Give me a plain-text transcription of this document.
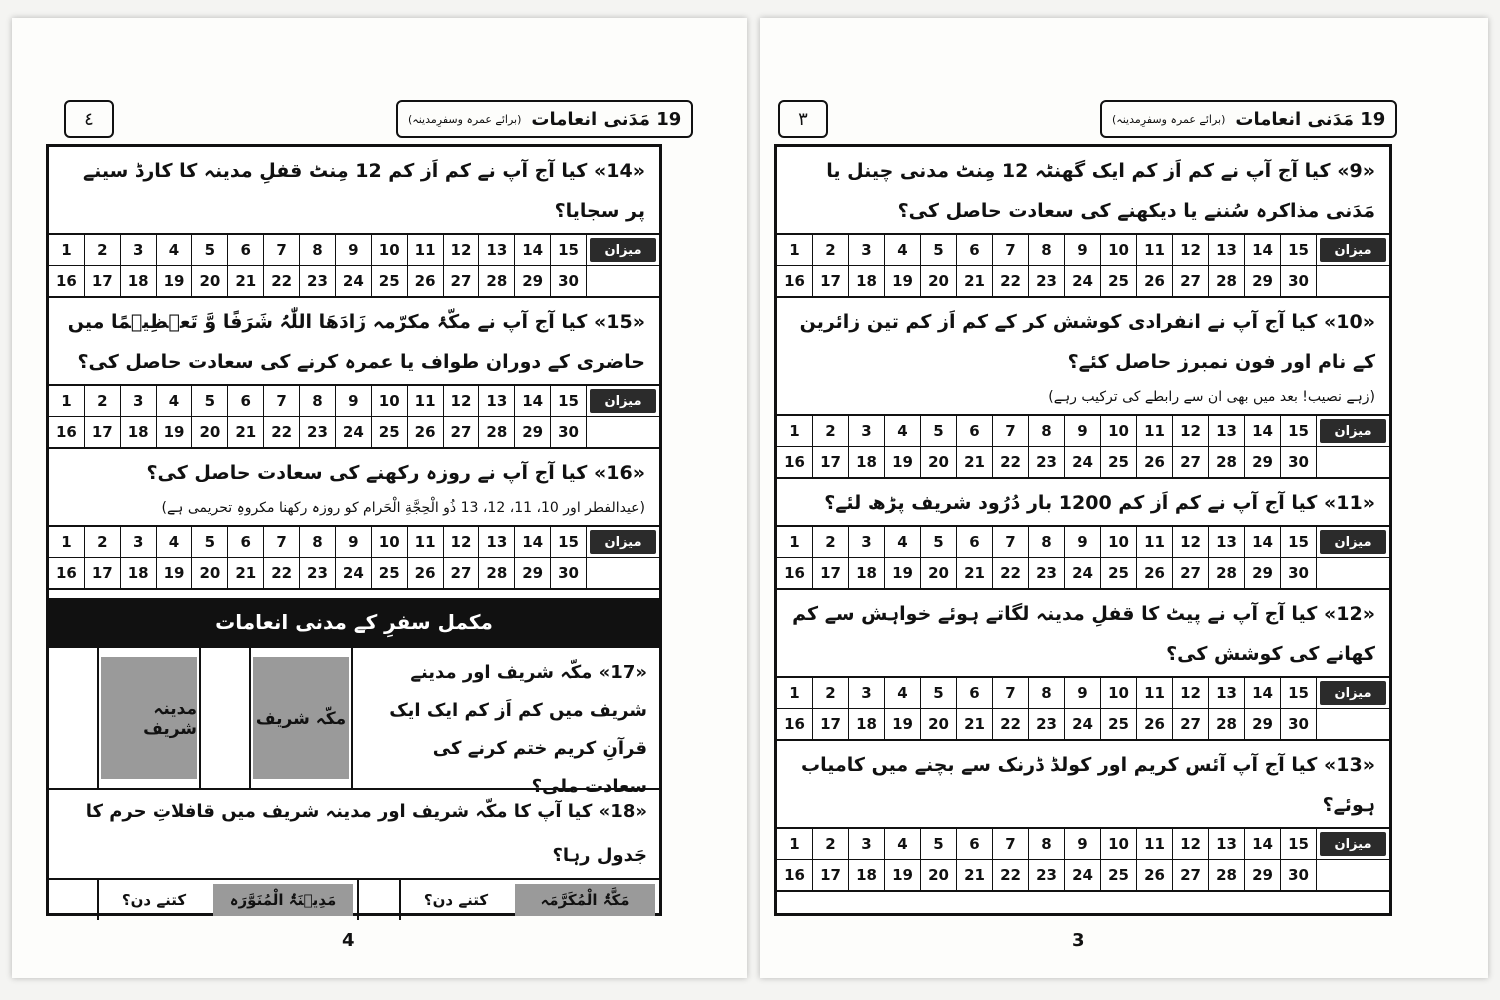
٤	19 مَدَنی انعامات
(برائے عمرہ وسفرِمدینہ)
«14» کیا آج آپ نے کم اَز کم 12 مِنٹ قفلِ مدینہ کا کارڈ سینے پر سجایا؟
1	2	3	4	5	6	7	8	9	10	11 12	13 14 15
16 17	18 19	20 21	22 23	24 25	26 27	28 29 30
میزان
«15» کیا آج آپ نے مکّۂ مکرّمہ زَادَھَا اللّٰہُ شَرَفًا وَّ تَعۡظِیۡمًا میں حاضری کے دوران طواف یا عمرہ کرنے کی سعادت حاصل کی؟
1	2	3	4	5	6	7	8	9	10	11 12	13 14 15
16 17	18 19	20 21	22 23	24 25	26 27	28 29 30
میزان
«16» کیا آج آپ نے روزہ رکھنے کی سعادت حاصل کی؟
(عیدالفطر اور 10، 11، 12، 13 ذُو الْحِجَّةِ الْحَرام کو روزہ رکھنا مکروہِ تحریمی ہے)
1	2	3	4	5	6	7	8	9	10	11 12	13 14 15
16 17	18 19	20 21	22 23	24 25	26 27	28 29 30
میزان
مکمل سفرِ کے مدنی انعامات
«17» مکّہ شریف اور مدینے شریف میں کم اَز کم ایک ایک قرآنِ کریم ختم کرنے کی سعادت ملی؟
مکّہ شریف
مدینہ شریف
«18» کیا آپ کا مکّہ شریف اور مدینہ شریف میں قافلاتِ حرم کا جَدول رہا؟
مَکَّۃُ الْمُکَرَّمَہ
کتنے دن؟
مَدِیۡنَۃُ الْمُنَوَّرَہ
کتنے دن؟
4
٣	19 مَدَنی انعامات
(برائے عمرہ وسفرِمدینہ)
«9» کیا آج آپ نے کم اَز کم ایک گھنٹہ 12 مِنٹ مدنی چینل یا مَدَنی مذاکرہ سُننے یا دیکھنے کی سعادت حاصل کی؟
1	2	3	4	5	6	7	8	9	10	11	12	13	14	15
16	17	18	19	20	21	22	23	24	25	26	27	28	29	30
میزان
«10» کیا آج آپ نے انفرادی کوشش کر کے کم اَز کم تین زائرین کے نام اور فون نمبرز حاصل کئے؟
(زہے نصیب! بعد میں بھی ان سے رابطے کی ترکیب رہے)
1	2	3	4	5	6	7	8	9	10	11	12	13	14	15
16	17	18	19	20	21	22	23	24	25	26	27	28	29	30
میزان
«11» کیا آج آپ نے کم اَز کم 1200 بار دُرُود شریف پڑھ لئے؟
1	2	3	4	5	6	7	8	9	10	11	12	13	14	15
16	17	18	19	20	21	22	23	24	25	26	27	28	29	30
میزان
«12» کیا آج آپ نے پیٹ کا قفلِ مدینہ لگاتے ہوئے خواہش سے کم کھانے کی کوشش کی؟
1	2	3	4	5	6	7	8	9	10	11	12	13	14	15
16	17	18	19	20	21	22	23	24	25	26	27	28	29	30
میزان
«13» کیا آج آپ آئس کریم اور کولڈ ڈرنک سے بچنے میں کامیاب ہوئے؟
1	2	3	4	5	6	7	8	9	10	11	12	13	14	15
16	17	18	19	20	21	22	23	24	25	26	27	28	29	30
میزان
3
